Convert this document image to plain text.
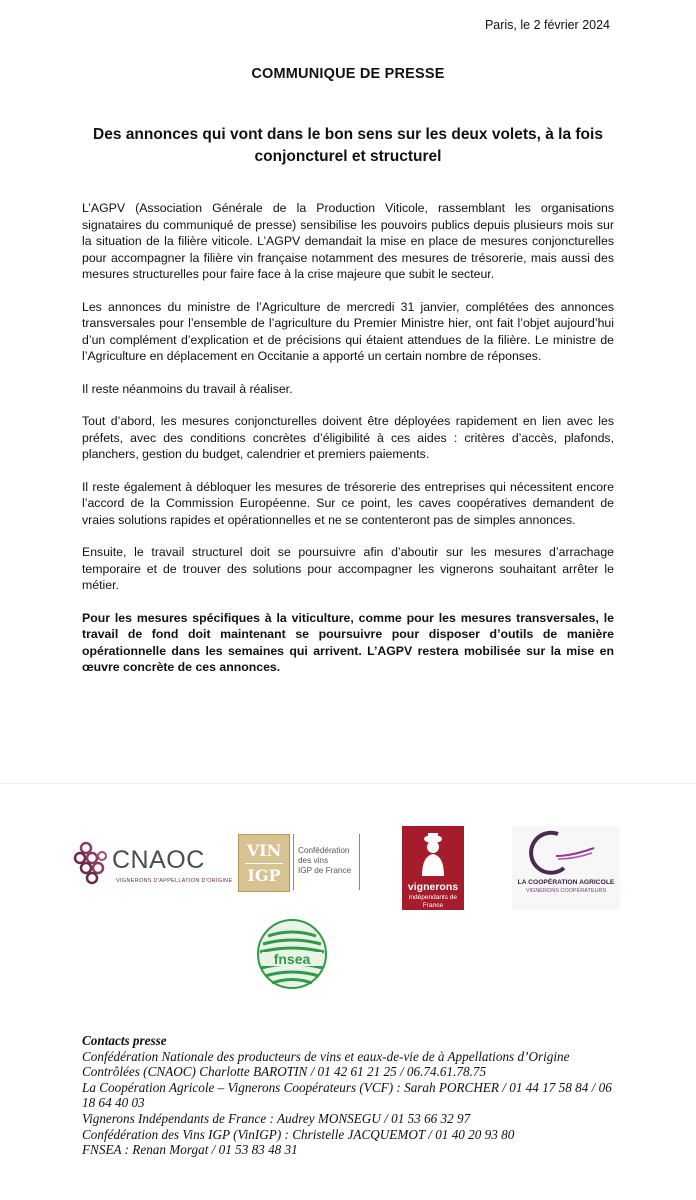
Paris, le 2 février 2024
COMMUNIQUE DE PRESSE
Des annonces qui vont dans le bon sens sur les deux volets, à la fois conjoncturel et structurel

L’AGPV (Association Générale de la Production Viticole, rassemblant les organisations signataires du communiqué de presse) sensibilise les pouvoirs publics depuis plusieurs mois sur la situation de la filière viticole. L’AGPV demandait la mise en place de mesures conjoncturelles pour accompagner la filière vin française notamment des mesures de trésorerie, mais aussi des mesures structurelles pour faire face à la crise majeure que subit le secteur.

Les annonces du ministre de l’Agriculture de mercredi 31 janvier, complétées des annonces transversales pour l’ensemble de l’agriculture du Premier Ministre hier, ont fait l’objet aujourd’hui d’un complément d’explication et de précisions qui étaient attendues de la filière. Le ministre de l’Agriculture en déplacement en Occitanie a apporté un certain nombre de réponses.

Il reste néanmoins du travail à réaliser.

Tout d’abord, les mesures conjoncturelles doivent être déployées rapidement en lien avec les préfets, avec des conditions concrètes d’éligibilité à ces aides : critères d’accès, plafonds, planchers, gestion du budget, calendrier et premiers paiements.

Il reste également à débloquer les mesures de trésorerie des entreprises qui nécessitent encore l’accord de la Commission Européenne. Sur ce point, les caves coopératives demandent de vraies solutions rapides et opérationnelles et ne se contenteront pas de simples annonces.

Ensuite, le travail structurel doit se poursuivre afin d’aboutir sur les mesures d’arrachage temporaire et de trouver des solutions pour accompagner les vignerons souhaitant arrêter le métier.

Pour les mesures spécifiques à la viticulture, comme pour les mesures transversales, le travail de fond doit maintenant se poursuivre pour disposer d’outils de manière opérationnelle dans les semaines qui arrivent. L’AGPV restera mobilisée sur la mise en œuvre concrète de ces annonces.

CNAOC
VIGNERONS D'APPELLATION D'ORIGINE
VIN
IGP
Confédération
des vins
IGP de France
vignerons
indépendants de France
LA COOPÉRATION AGRICOLE
VIGNERONS COOPÉRATEURS
fnsea
Contacts presse
Confédération Nationale des producteurs de vins et eaux-de-vie de à Appellations d’Origine Contrôlées (CNAOC) Charlotte BAROTIN / 01 42 61 21 25 / 06.74.61.78.75
La Coopération Agricole – Vignerons Coopérateurs (VCF) : Sarah PORCHER / 01 44 17 58 84 / 06 18 64 40 03
Vignerons Indépendants de France : Audrey MONSEGU / 01 53 66 32 97
Confédération des Vins IGP (VinIGP) : Christelle JACQUEMOT / 01 40 20 93 80
FNSEA : Renan Morgat / 01 53 83 48 31
